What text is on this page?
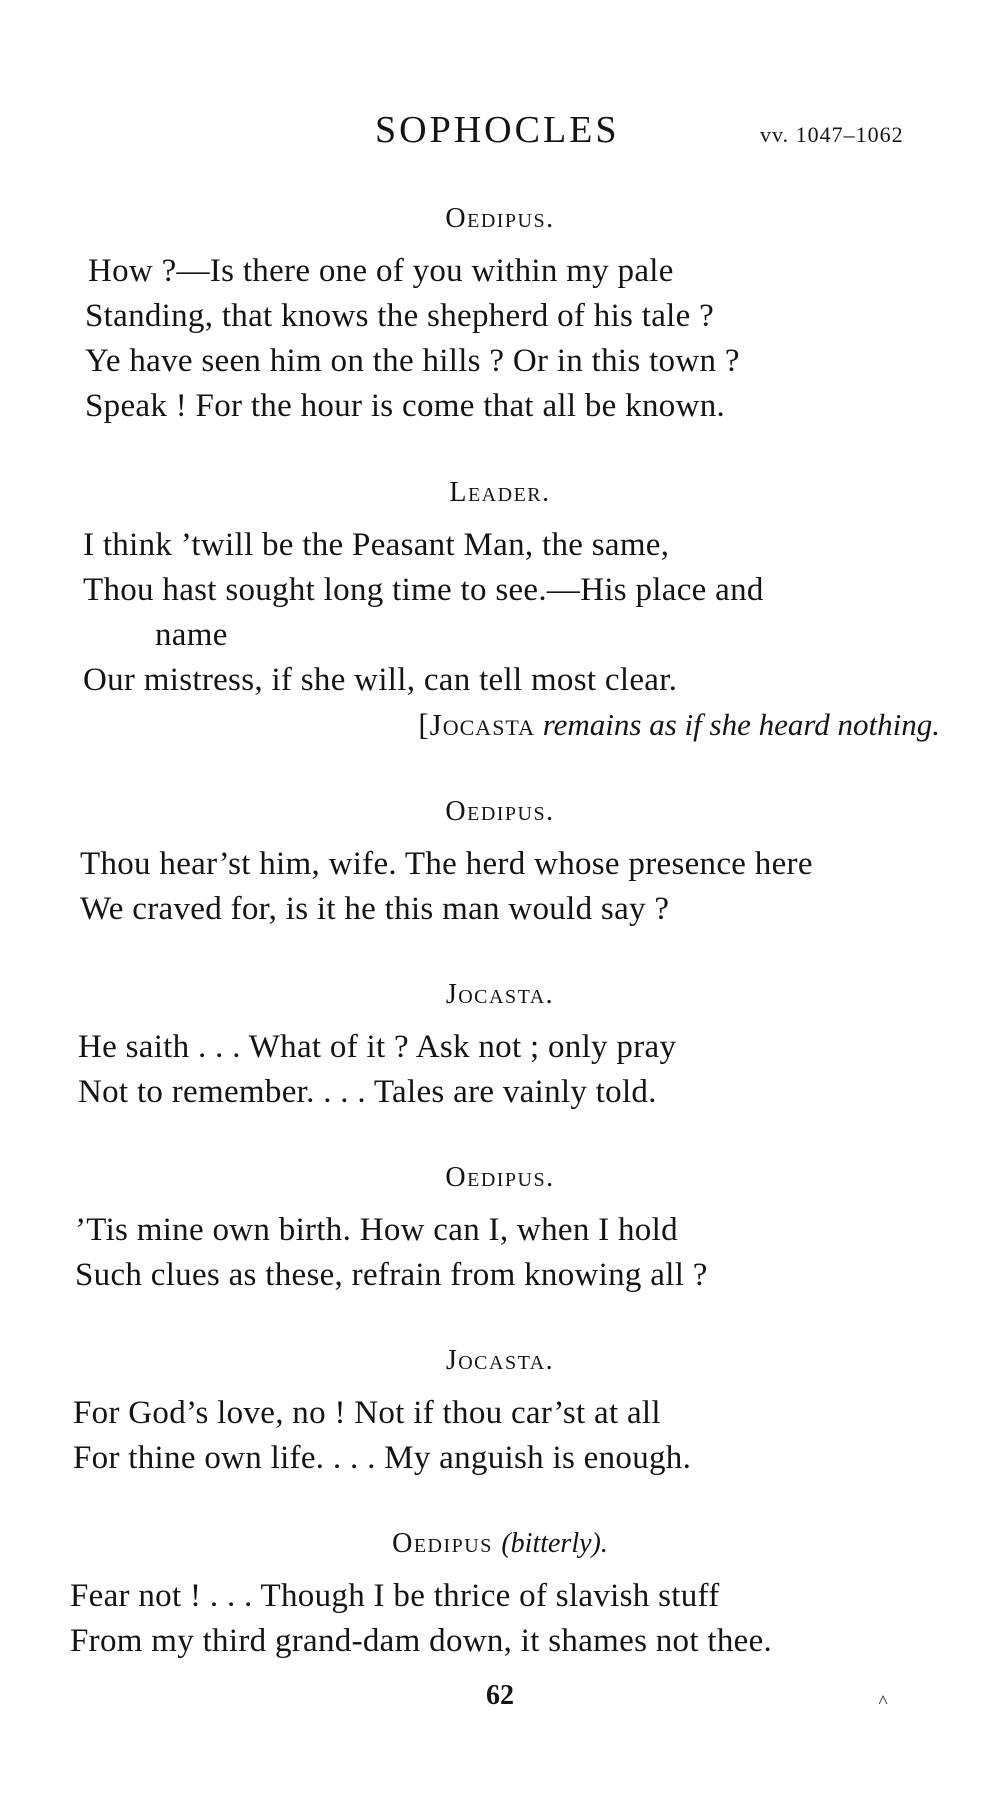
SOPHOCLES	vv. 1047–1062
Oedipus.
How ?—Is there one of you within my pale
Standing, that knows the shepherd of his tale ?
Ye have seen him on the hills ? Or in this town ?
Speak ! For the hour is come that all be known.
Leader.
I think ’twill be the Peasant Man, the same,
Thou hast sought long time to see.—His place and
name
Our mistress, if she will, can tell most clear.
[Jocasta remains as if she heard nothing.
Oedipus.
Thou hear’st him, wife. The herd whose presence here
We craved for, is it he this man would say ?
Jocasta.
He saith . . . What of it ? Ask not ; only pray
Not to remember. . . . Tales are vainly told.
Oedipus.
’Tis mine own birth. How can I, when I hold
Such clues as these, refrain from knowing all ?
Jocasta.
For God’s love, no ! Not if thou car’st at all
For thine own life. . . . My anguish is enough.
Oedipus (bitterly).
Fear not ! . . . Though I be thrice of slavish stuff
From my third grand-dam down, it shames not thee.
62	˄
